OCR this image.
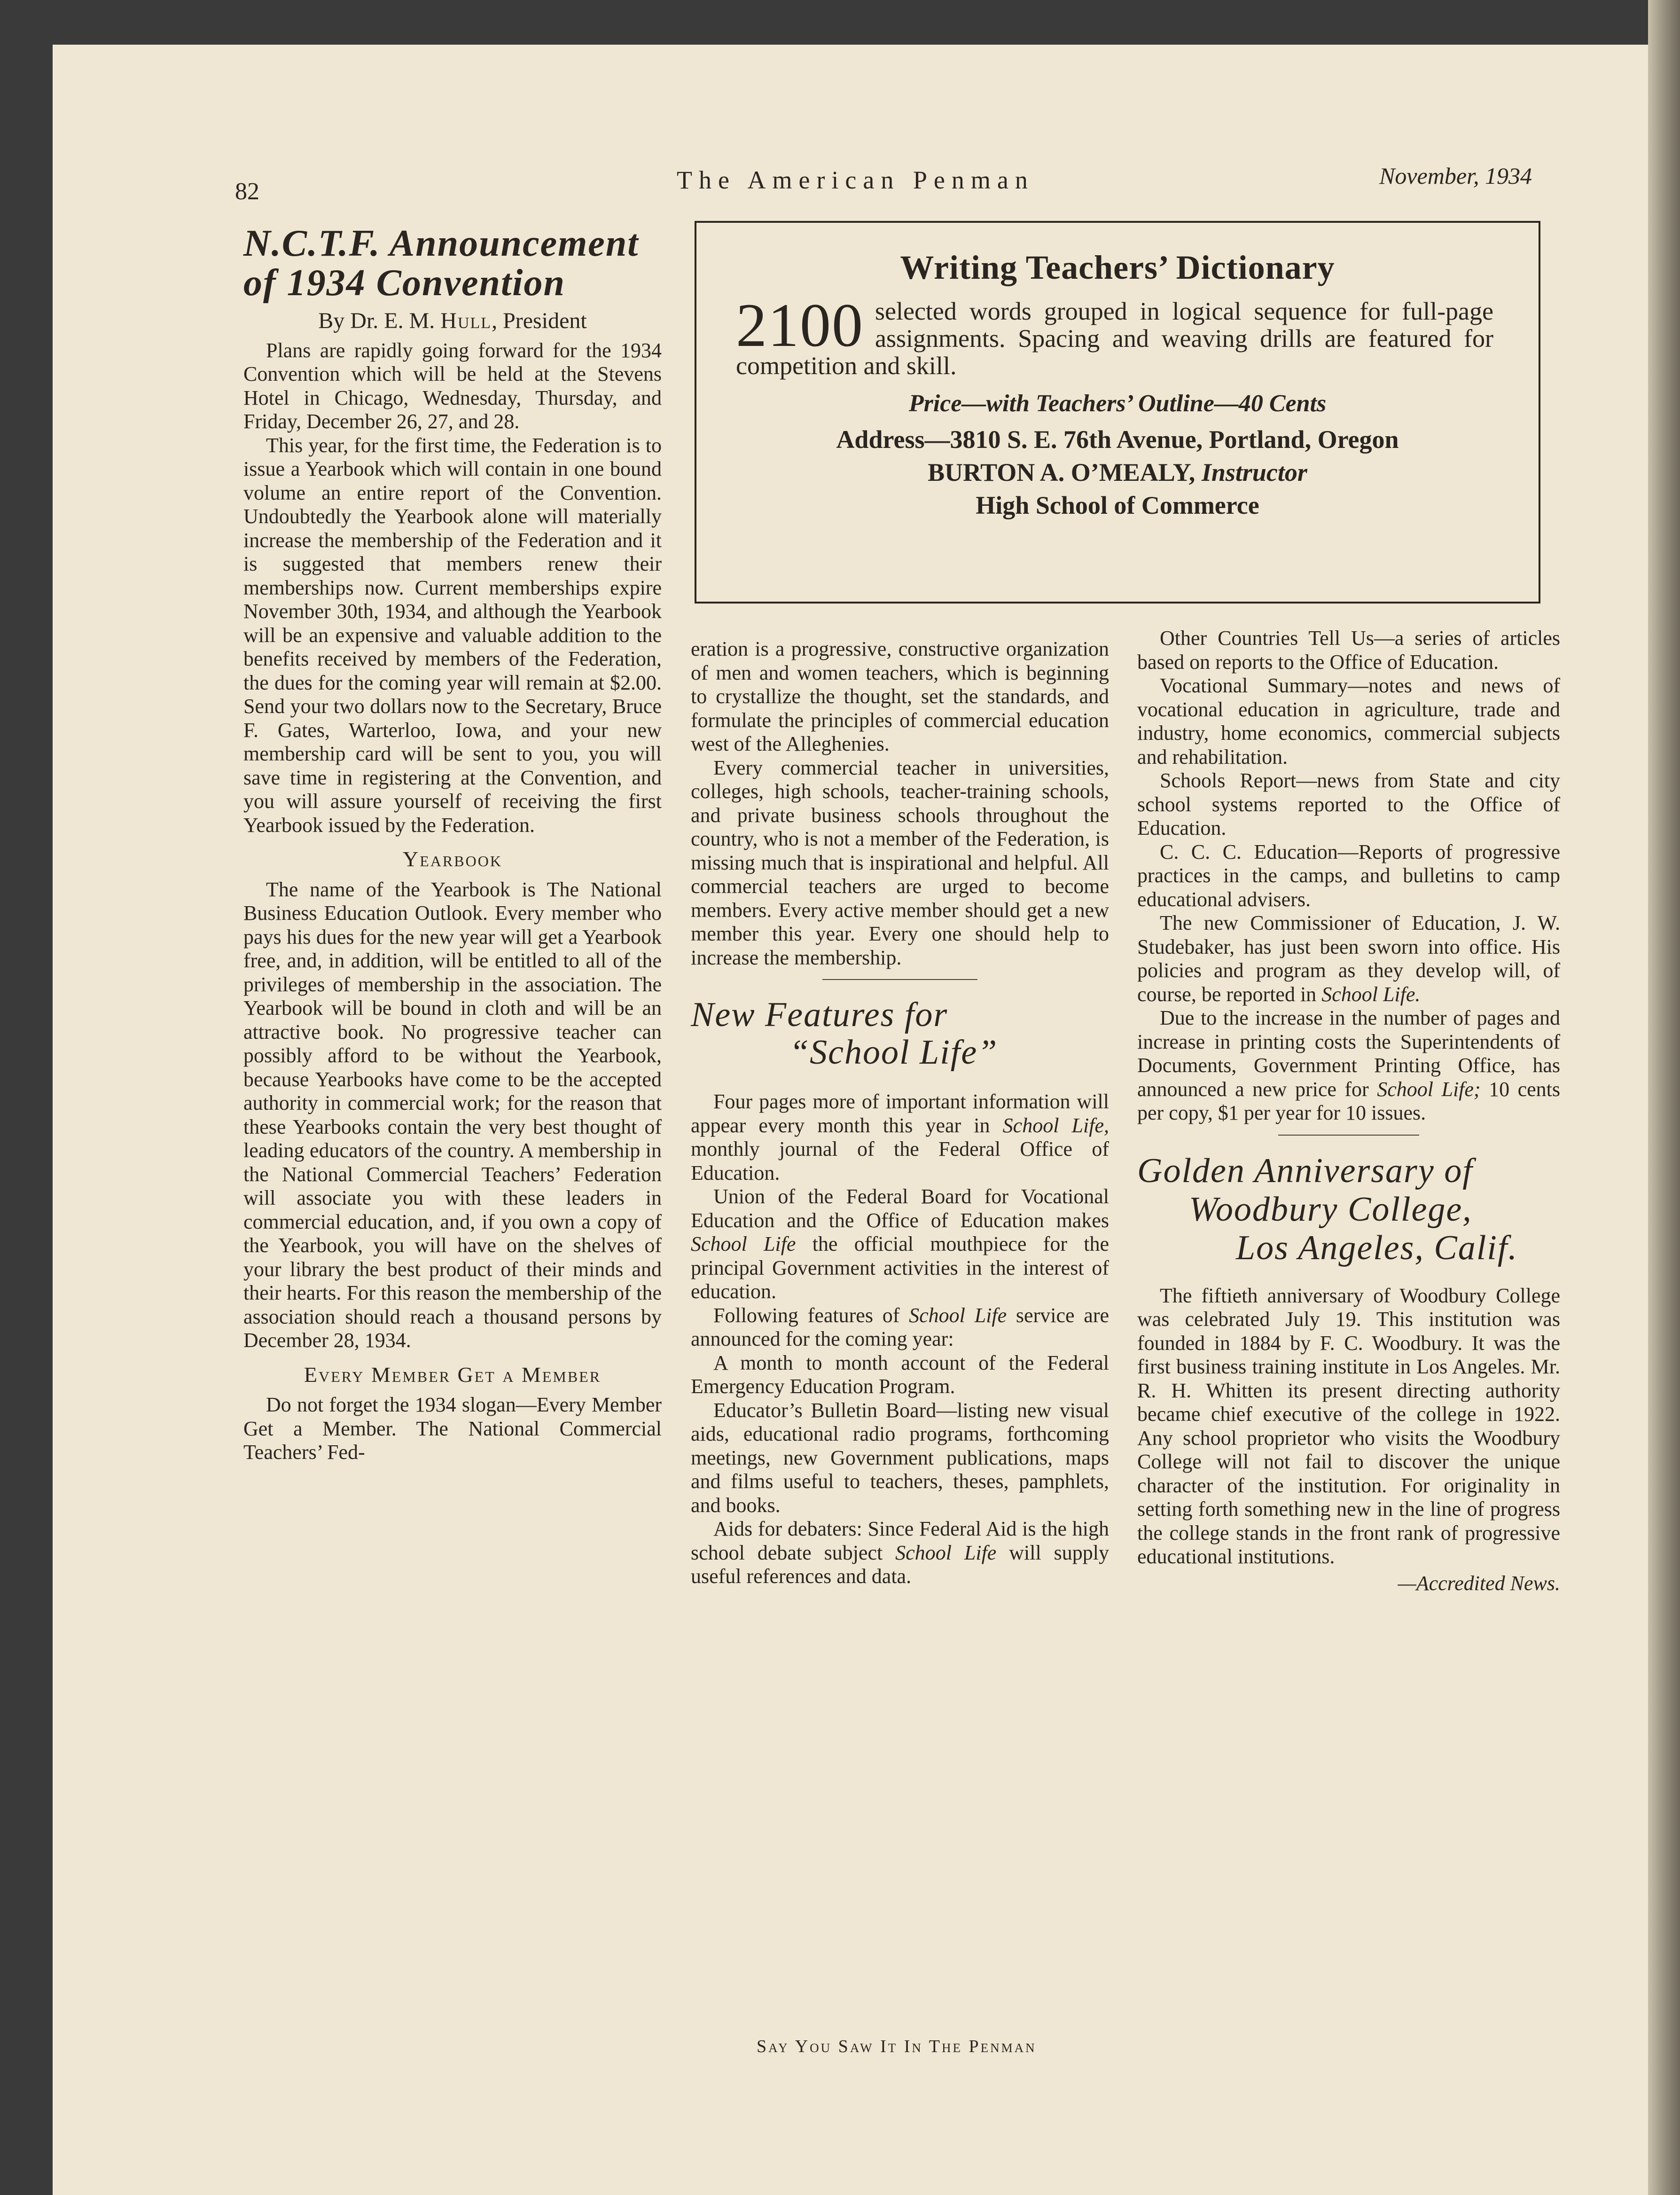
82	The American Penman	November, 1934
Writing Teachers’ Dictionary
2100 selected words grouped in logical sequence for full-page assignments. Spacing and weaving drills are featured for competition and skill.
Price—with Teachers’ Outline—40 Cents
Address—3810 S. E. 76th Avenue, Portland, Oregon
BURTON A. O’MEALY, Instructor
High School of Commerce
N.C.T.F. Announcement of 1934 Convention
By Dr. E. M. Hull, President

Plans are rapidly going forward for the 1934 Convention which will be held at the Stevens Hotel in Chicago, Wednesday, Thursday, and Friday, December 26, 27, and 28.

This year, for the first time, the Federation is to issue a Yearbook which will contain in one bound volume an entire report of the Convention. Undoubtedly the Yearbook alone will materially increase the membership of the Federation and it is suggested that members renew their memberships now. Current memberships expire November 30th, 1934, and although the Yearbook will be an expensive and valuable addition to the benefits received by members of the Federation, the dues for the coming year will remain at $2.00. Send your two dollars now to the Secretary, Bruce F. Gates, Warterloo, Iowa, and your new membership card will be sent to you, you will save time in registering at the Convention, and you will assure yourself of receiving the first Yearbook issued by the Federation.

Yearbook

The name of the Yearbook is The National Business Education Outlook. Every member who pays his dues for the new year will get a Yearbook free, and, in addition, will be entitled to all of the privileges of membership in the association. The Yearbook will be bound in cloth and will be an attractive book. No progressive teacher can possibly afford to be without the Yearbook, because Yearbooks have come to be the accepted authority in commercial work; for the reason that these Yearbooks contain the very best thought of leading educators of the country. A membership in the National Commercial Teachers’ Federation will associate you with these leaders in commercial education, and, if you own a copy of the Yearbook, you will have on the shelves of your library the best product of their minds and their hearts. For this reason the membership of the association should reach a thousand persons by December 28, 1934.

Every Member Get a Member

Do not forget the 1934 slogan—Every Member Get a Member. The National Commercial Teachers’ Fed-

eration is a progressive, constructive organization of men and women teachers, which is beginning to crystallize the thought, set the standards, and formulate the principles of commercial education west of the Alleghenies.

Every commercial teacher in universities, colleges, high schools, teacher-training schools, and private business schools throughout the country, who is not a member of the Federation, is missing much that is inspirational and helpful. All commercial teachers are urged to become members. Every active member should get a new member this year. Every one should help to increase the membership.

New Features for
“School Life”

Four pages more of important information will appear every month this year in School Life, monthly journal of the Federal Office of Education.

Union of the Federal Board for Vocational Education and the Office of Education makes School Life the official mouthpiece for the principal Government activities in the interest of education.

Following features of School Life service are announced for the coming year:

A month to month account of the Federal Emergency Education Program.

Educator’s Bulletin Board—listing new visual aids, educational radio programs, forthcoming meetings, new Government publications, maps and films useful to teachers, theses, pamphlets, and books.

Aids for debaters: Since Federal Aid is the high school debate subject School Life will supply useful references and data.

Other Countries Tell Us—a series of articles based on reports to the Office of Education.

Vocational Summary—notes and news of vocational education in agriculture, trade and industry, home economics, commercial subjects and rehabilitation.

Schools Report—news from State and city school systems reported to the Office of Education.

C. C. C. Education—Reports of progressive practices in the camps, and bulletins to camp educational advisers.

The new Commissioner of Education, J. W. Studebaker, has just been sworn into office. His policies and program as they develop will, of course, be reported in School Life.

Due to the increase in the number of pages and increase in printing costs the Superintendents of Documents, Government Printing Office, has announced a new price for School Life; 10 cents per copy, $1 per year for 10 issues.

Golden Anniversary of
Woodbury College,
Los Angeles, Calif.

The fiftieth anniversary of Woodbury College was celebrated July 19. This institution was founded in 1884 by F. C. Woodbury. It was the first business training institute in Los Angeles. Mr. R. H. Whitten its present directing authority became chief executive of the college in 1922. Any school proprietor who visits the Woodbury College will not fail to discover the unique character of the institution. For originality in setting forth something new in the line of progress the college stands in the front rank of progressive educational institutions.

—Accredited News.
Say You Saw It In The Penman
